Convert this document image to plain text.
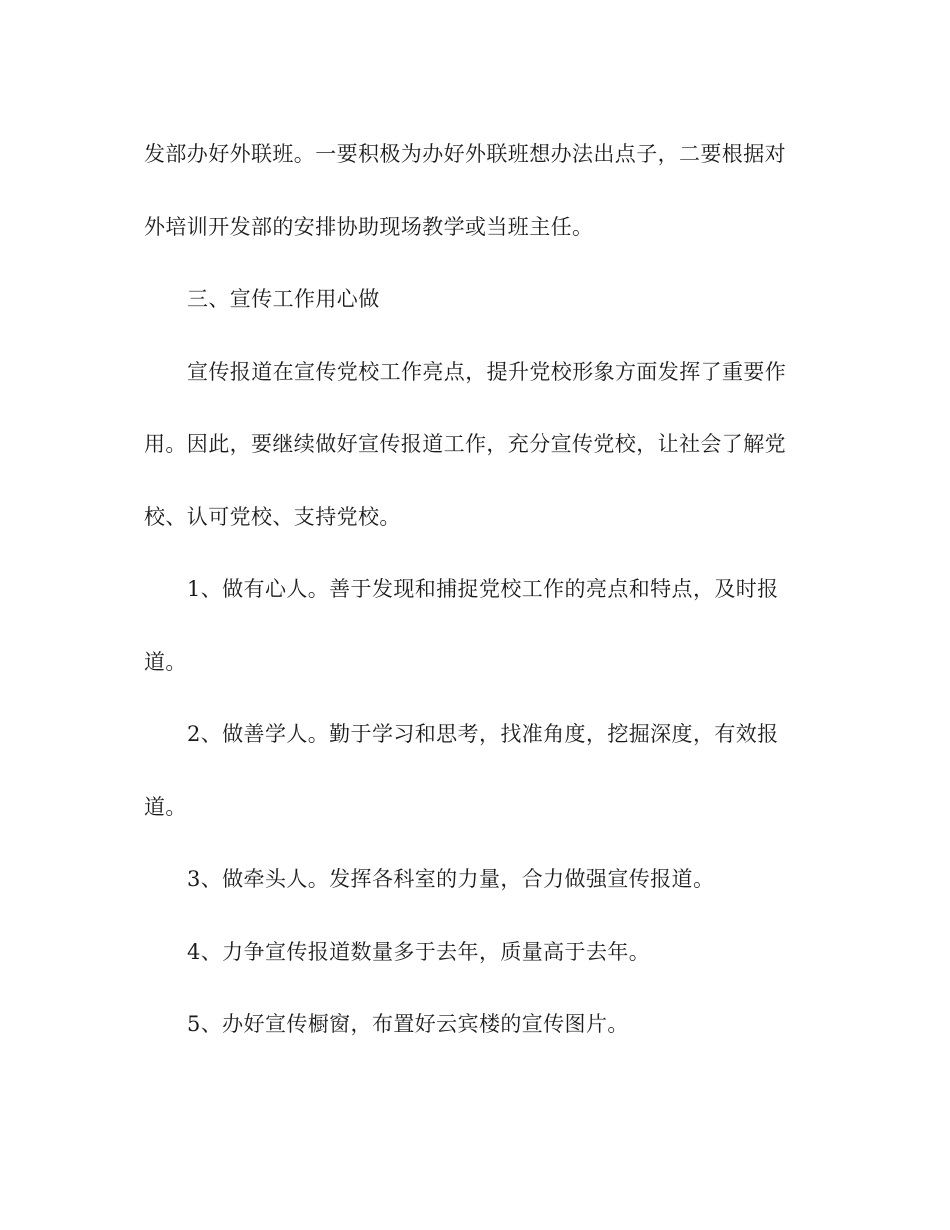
发部办好外联班。一要积极为办好外联班想办法出点子，二要根据对外培训开发部的安排协助现场教学或当班主任。

三、宣传工作用心做

宣传报道在宣传党校工作亮点，提升党校形象方面发挥了重要作用。因此，要继续做好宣传报道工作，充分宣传党校，让社会了解党校、认可党校、支持党校。

1、做有心人。善于发现和捕捉党校工作的亮点和特点，及时报道。

2、做善学人。勤于学习和思考，找准角度，挖掘深度，有效报道。

3、做牵头人。发挥各科室的力量，合力做强宣传报道。

4、力争宣传报道数量多于去年，质量高于去年。

5、办好宣传橱窗，布置好云宾楼的宣传图片。
